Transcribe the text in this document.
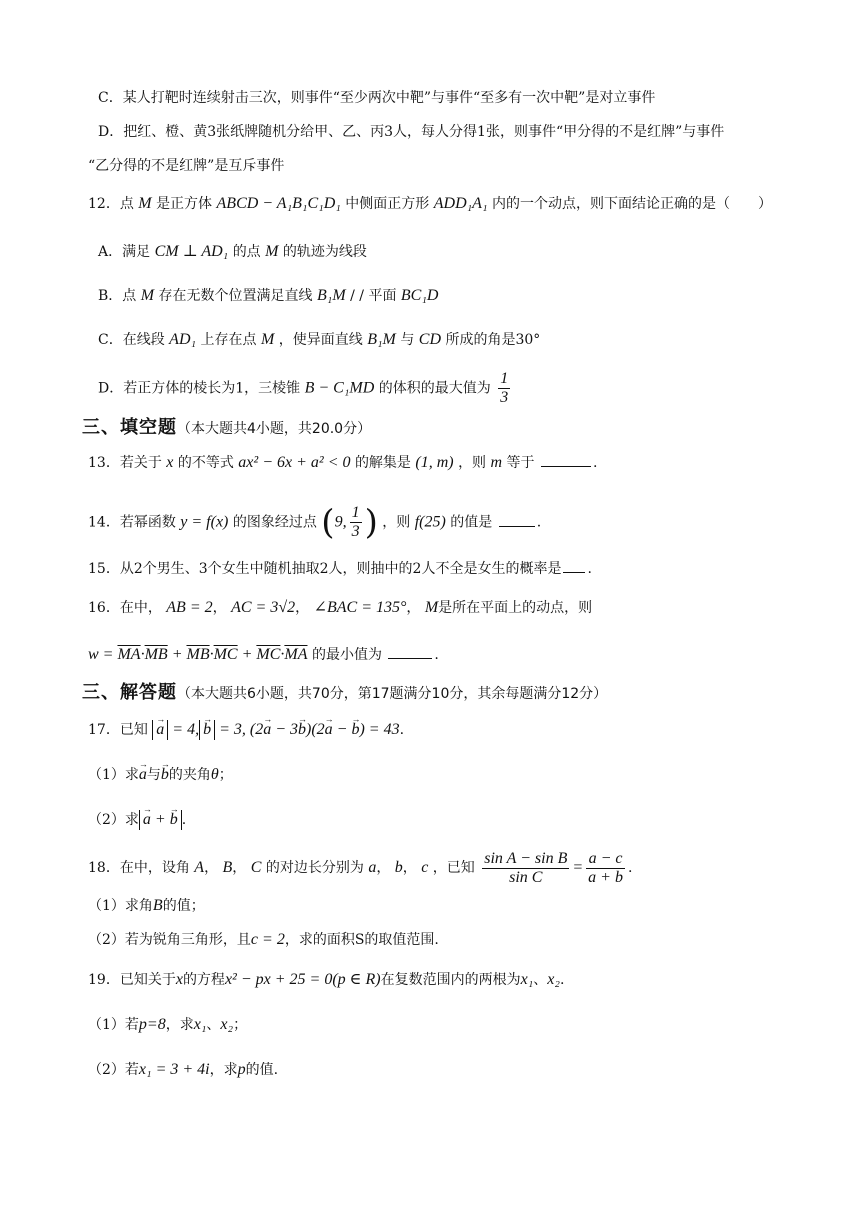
C．某人打靶时连续射击三次，则事件“至少两次中靶”与事件“至多有一次中靶”是对立事件
D．把红、橙、黄3张纸牌随机分给甲、乙、丙3人，每人分得1张，则事件“甲分得的不是红牌”与事件
“乙分得的不是红牌”是互斥事件
12．点 M 是正方体 ABCD − A₁B₁C₁D₁ 中侧面正方形 ADD₁A₁ 内的一个动点，则下面结论正确的是（　　）
A．满足 CM ⊥ AD₁ 的点 M 的轨迹为线段
B．点 M 存在无数个位置满足直线 B₁M / / 平面 BC₁D
C．在线段 AD₁ 上存在点 M ，使异面直线 B₁M 与 CD 所成的角是30°
D．若正方体的棱长为1，三棱锥 B − C₁MD 的体积的最大值为 $\frac{1}{3}$
三、填空题（本大题共4小题，共20.0分）
13．若关于 x 的不等式 ax² − 6x + a² < 0 的解集是 (1, m) ，则 m 等于	.
14．若幂函数 y = f(x) 的图象经过点 (9, $\frac{1}{3}$ ) ，则 f(25) 的值是	.
15．从2个男生、3个女生中随机抽取2人，则抽中的2人不全是女生的概率是 .
16．在中， AB = 2， AC = 3√2， ∠BAC = 135°， M是所在平面上的动点，则
$w = \overline{MA}\cdot\overline{MB} + \overline{MB}\cdot\overline{MC} + \overline{MC}\cdot\overline{MA}$ 的最小值为	.
三、解答题（本大题共6小题，共70分，第17题满分10分，其余每题满分12分）
17．已知 → a = 4, → b = 3, (2→ a − 3→ b)(2→ a − → b) = 43.
（1）求→ a与→ b的夹角θ；
（2）求 → a + → b .
18．在中，设角 A， B， C 的对边长分别为 a， b， c ，已知 $\frac{\text{sin A − sin B}}{\text{sin C}} = \frac{a - c}{a + b}$ .
（1）求角B的值；
（2）若为锐角三角形，且c = 2，求的面积S的取值范围.
19．已知关于x的方程x² − px + 25 = 0(p ∈ R)在复数范围内的两根为x₁、x₂.
（1）若p=8，求x₁、x₂；
（2）若x₁ = 3 + 4i，求p的值.
